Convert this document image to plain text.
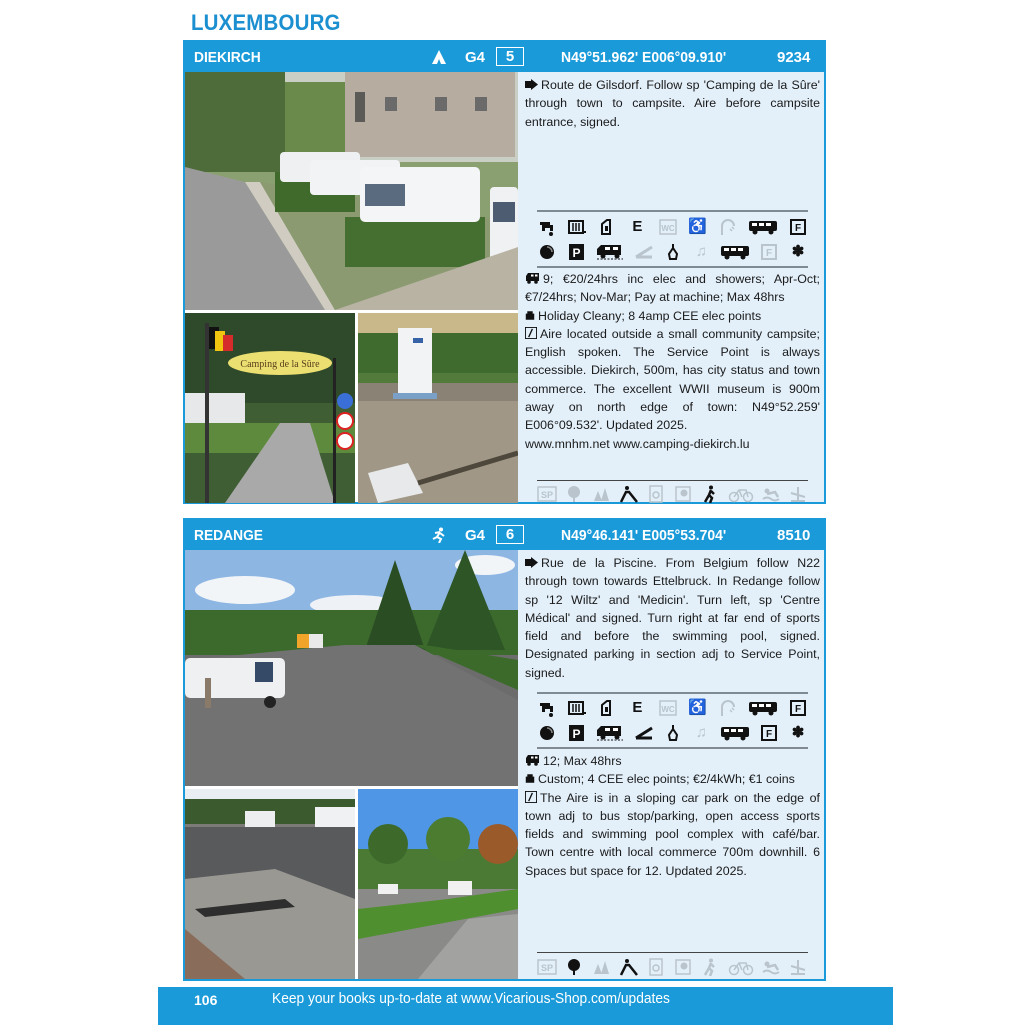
LUXEMBOURG
DIEKIRCH	G4	5	N49°51.962' E006°09.910'	9234
Camping de la Sûre

Route de Gilsdorf. Follow sp 'Camping de la Sûre' through town to campsite. Aire before campsite entrance, signed.

E	WC ♿	F
P	♫	F ✽

9; €20/24hrs inc elec and showers; Apr-Oct; €7/24hrs; Nov-Mar; Pay at machine; Max 48hrs

Holiday Cleany; 8 4amp CEE elec points

Aire located outside a small community campsite; English spoken. The Service Point is always accessible. Diekirch, 500m, has city status and town commerce. The excellent WWII museum is 900m away on north edge of town: N49°52.259' E006°09.532'. Updated 2025.

www.mnhm.net www.camping-diekirch.lu

SP
REDANGE	G4	6	N49°46.141' E005°53.704'	8510

Rue de la Piscine. From Belgium follow N22 through town towards Ettelbruck. In Redange follow sp '12 Wiltz' and 'Medicin'. Turn left, sp 'Centre Médical' and signed. Turn right at far end of sports field and before the swimming pool, signed. Designated parking in section adj to Service Point, signed.

E	WC ♿	F
P	♫	F ✽

12; Max 48hrs

Custom; 4 CEE elec points; €2/4kWh; €1 coins

The Aire is in a sloping car park on the edge of town adj to bus stop/parking, open access sports fields and swimming pool complex with café/bar. Town centre with local commerce 700m downhill. 6 Spaces but space for 12. Updated 2025.

SP
106	Keep your books up-to-date at www.Vicarious-Shop.com/updates
